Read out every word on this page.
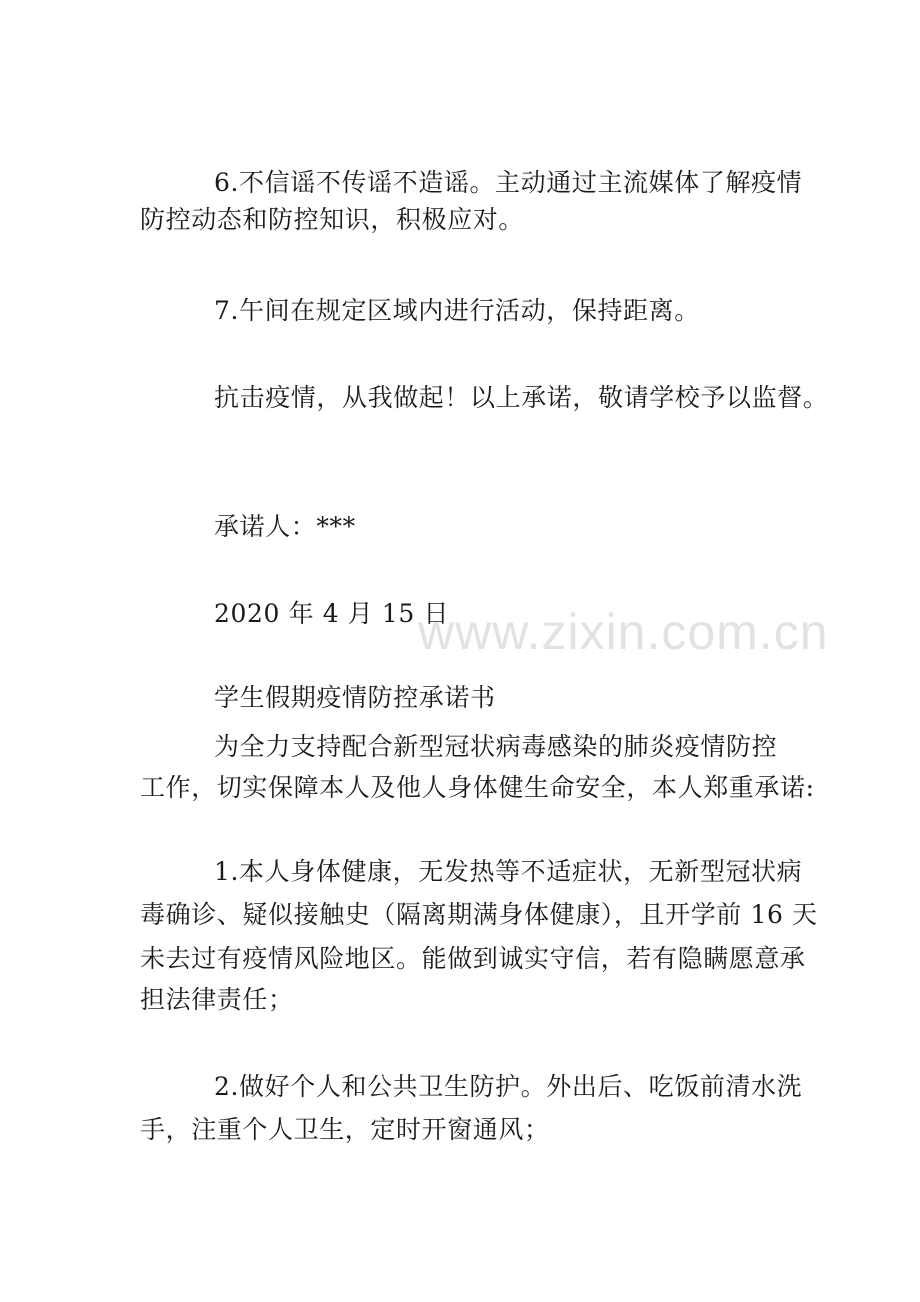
6.不信谣不传谣不造谣。主动通过主流媒体了解疫情
防控动态和防控知识，积极应对。
7.午间在规定区域内进行活动，保持距离。
抗击疫情，从我做起！以上承诺，敬请学校予以监督。
承诺人：***
2020 年 4 月 15 日
学生假期疫情防控承诺书
为全力支持配合新型冠状病毒感染的肺炎疫情防控
工作，切实保障本人及他人身体健生命安全，本人郑重承诺:
1.本人身体健康，无发热等不适症状，无新型冠状病
毒确诊、疑似接触史（隔离期满身体健康），且开学前 16 天
未去过有疫情风险地区。能做到诚实守信，若有隐瞒愿意承
担法律责任；
2.做好个人和公共卫生防护。外出后、吃饭前清水洗
手，注重个人卫生，定时开窗通风；
www.zixin.com.cn
